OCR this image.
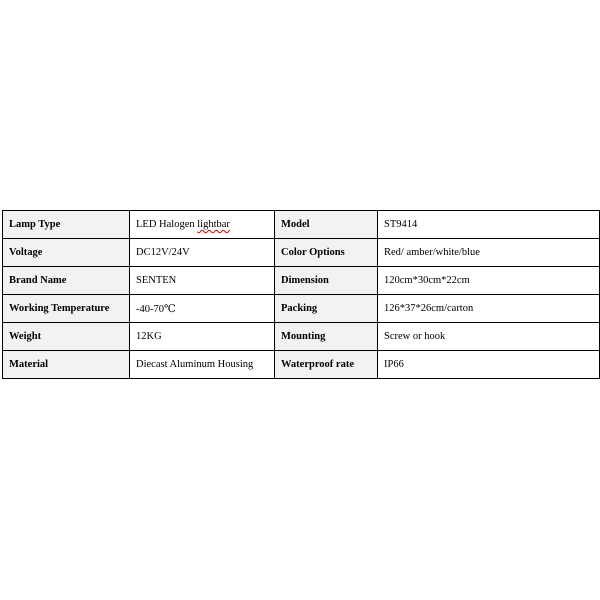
Lamp Type	LED Halogen lightbar	Model	ST9414
Voltage	DC12V/24V	Color Options	Red/ amber/white/blue
Brand Name	SENTEN	Dimension	120cm*30cm*22cm
Working Temperature	-40-70℃	Packing	126*37*26cm/carton
Weight	12KG	Mounting	Screw or hook
Material	Diecast Aluminum Housing	Waterproof rate	IP66
